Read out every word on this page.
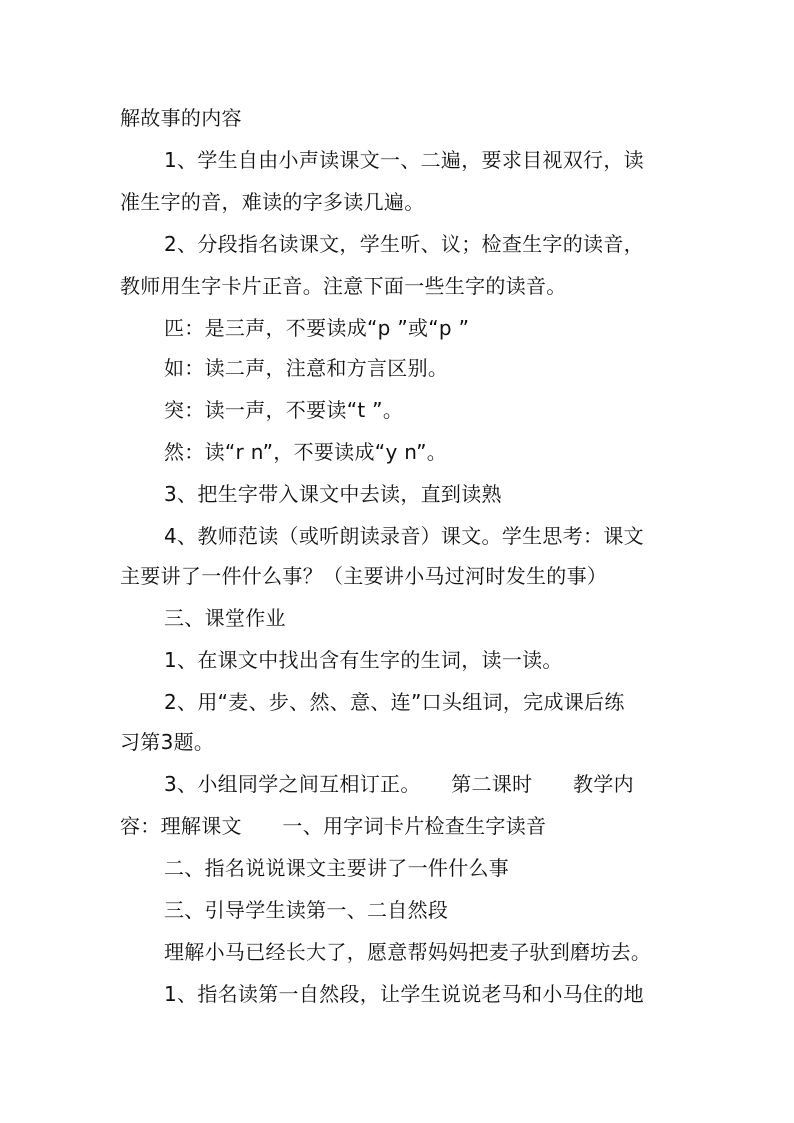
解故事的内容
1、学生自由小声读课文一、二遍，要求目视双行，读
准生字的音，难读的字多读几遍。
2、分段指名读课文，学生听、议；检查生字的读音，
教师用生字卡片正音。注意下面一些生字的读音。
匹：是三声，不要读成“p ”或“p ”
如：读二声，注意和方言区别。
突：读一声，不要读“t ”。
然：读“r n”，不要读成“y n”。
3、把生字带入课文中去读，直到读熟
4、教师范读（或听朗读录音）课文。学生思考：课文
主要讲了一件什么事？（主要讲小马过河时发生的事）
三、课堂作业
1、在课文中找出含有生字的生词，读一读。
2、用“麦、步、然、意、连”口头组词，完成课后练
习第3题。
3、小组同学之间互相订正。　　第二课时　　教学内
容：理解课文　　一、用字词卡片检查生字读音
二、指名说说课文主要讲了一件什么事
三、引导学生读第一、二自然段
理解小马已经长大了，愿意帮妈妈把麦子驮到磨坊去。
1、指名读第一自然段，让学生说说老马和小马住的地
